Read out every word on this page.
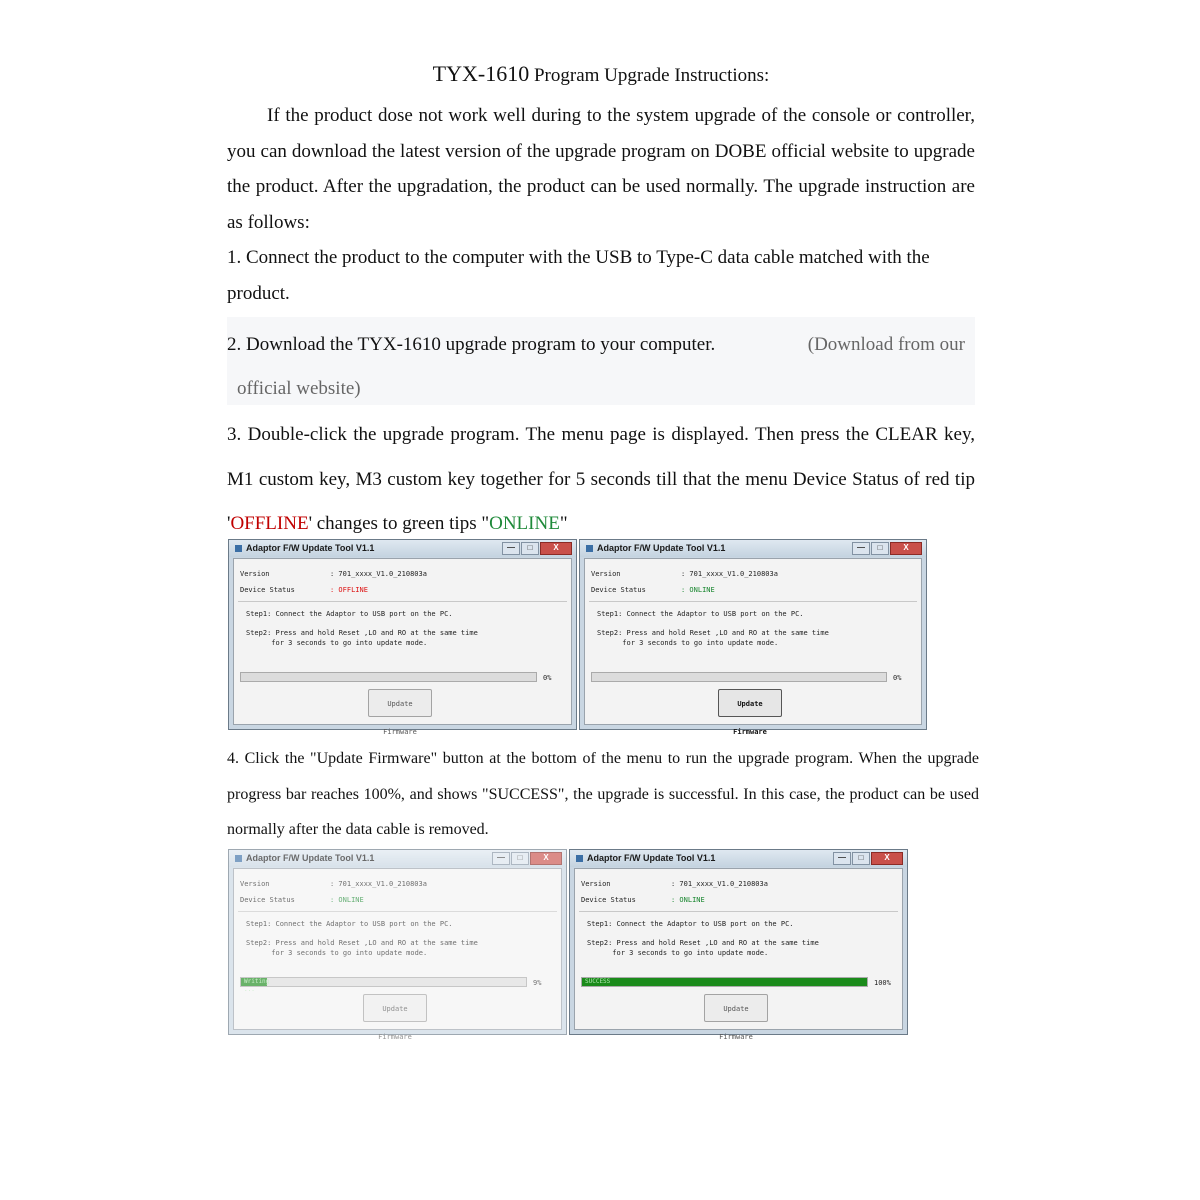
TYX-1610 Program Upgrade Instructions:

If the product dose not work well during to the system upgrade of the console or controller, you can download the latest version of the upgrade program on DOBE official website to upgrade the product. After the upgradation, the product can be used normally. The upgrade instruction are as follows:

1. Connect the product to the computer with the USB to Type-C data cable matched with the product.

2. Download the TYX-1610 upgrade program to your computer.	(Download from our
official website)

3. Double-click the upgrade program. The menu page is displayed. Then press the CLEAR key, M1 custom key, M3 custom key together for 5 seconds till that the menu Device Status of red tip 'OFFLINE' changes to green tips "ONLINE"

4. Click the "Update Firmware" button at the bottom of the menu to run the upgrade program. When the upgrade progress bar reaches 100%, and shows "SUCCESS", the upgrade is successful. In this case, the product can be used normally after the data cable is removed.

Adaptor F/W Update Tool V1.1	—	□	X
Version	: 701_xxxx_V1.0_210803a
Device Status	: OFFLINE
Step1: Connect the Adaptor to USB port on the PC.
Step2: Press and hold Reset ,LO and RO at the same time
for 3 seconds to go into update mode.
0%
Update Firmware
Adaptor F/W Update Tool V1.1	—	□	X
Version	: 701_xxxx_V1.0_210803a
Device Status	: ONLINE
Step1: Connect the Adaptor to USB port on the PC.
Step2: Press and hold Reset ,LO and RO at the same time
for 3 seconds to go into update mode.
0%
Update Firmware
Adaptor F/W Update Tool V1.1	—	□	X
Version	: 701_xxxx_V1.0_210803a
Device Status	: ONLINE
Step1: Connect the Adaptor to USB port on the PC.
Step2: Press and hold Reset ,LO and RO at the same time
for 3 seconds to go into update mode.
Writing ...
9%
Update Firmware
Adaptor F/W Update Tool V1.1	—	□	X
Version	: 701_xxxx_V1.0_210803a
Device Status	: ONLINE
Step1: Connect the Adaptor to USB port on the PC.
Step2: Press and hold Reset ,LO and RO at the same time
for 3 seconds to go into update mode.
SUCCESS	100%
Update Firmware
